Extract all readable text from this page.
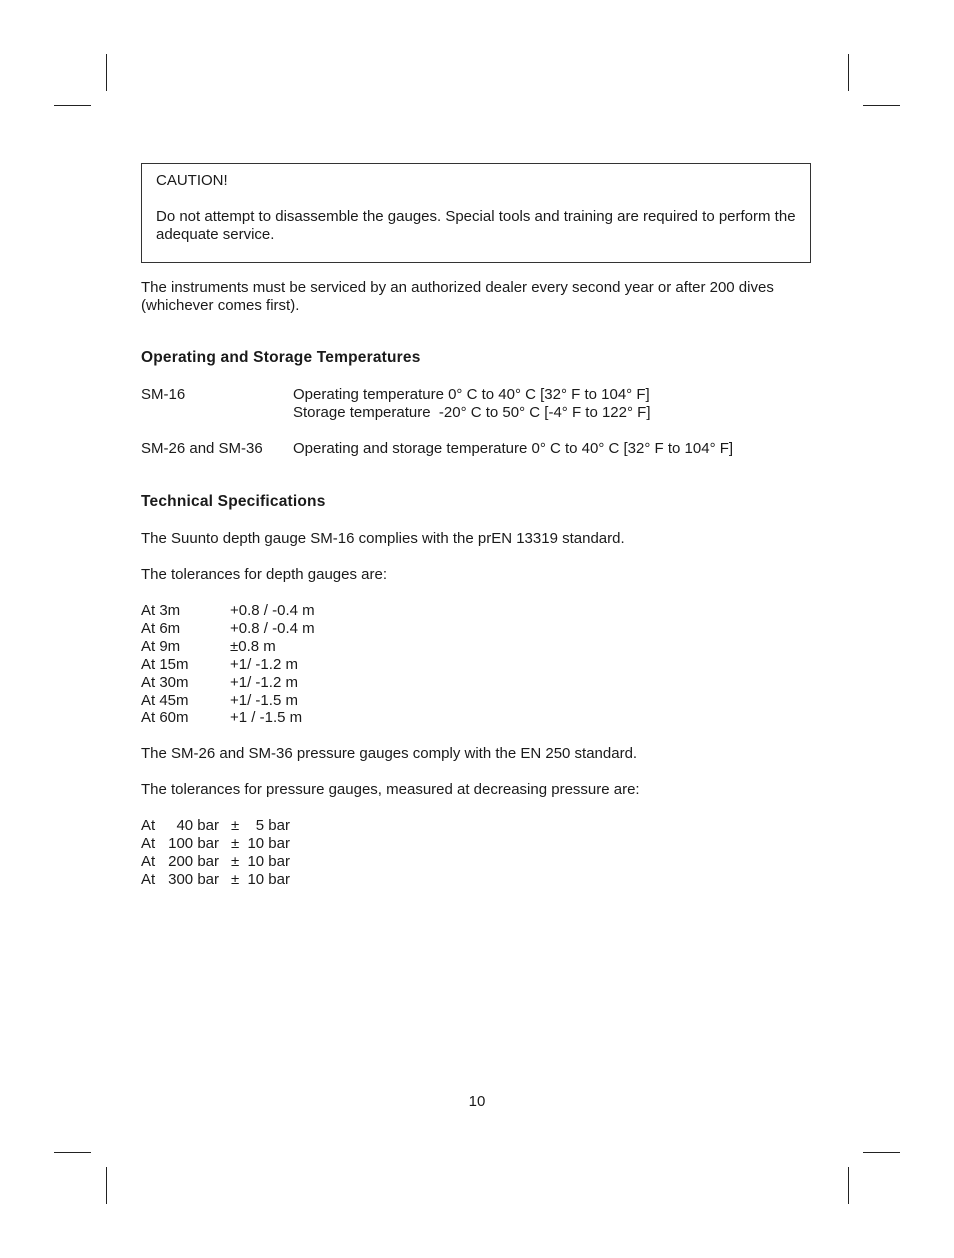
CAUTION!
Do not attempt to disassemble the gauges. Special tools and training are required to perform the adequate service.
The instruments must be serviced by an authorized dealer every second year or after 200 dives (whichever comes first).
Operating and Storage Temperatures
SM-16	Operating temperature 0° C to 40° C [32° F to 104° F]
Storage temperature  -20° C to 50° C [-4° F to 122° F]
SM-26 and SM-36 Operating and storage temperature 0° C to 40° C [32° F to 104° F]
Technical Specifications
The Suunto depth gauge SM-16 complies with the prEN 13319 standard.
The tolerances for depth gauges are:
At 3m	+0.8 / -0.4 m
At 6m	+0.8 / -0.4 m
At 9m	±0.8 m
At 15m	+1/ -1.2 m
At 30m	+1/ -1.2 m
At 45m	+1/ -1.5 m
At 60m	+1 / -1.5 m
The SM-26 and SM-36 pressure gauges comply with the EN 250 standard.
The tolerances for pressure gauges, measured at decreasing pressure are:
At	40 bar ±	5 bar
At 100 bar ± 10 bar
At 200 bar ± 10 bar
At 300 bar ± 10 bar
10
